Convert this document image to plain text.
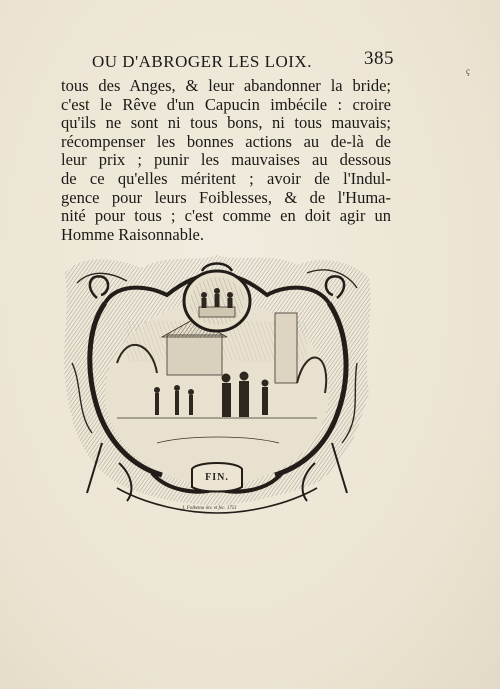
OU D'ABROGER LES LOIX.	385
ç
tous des Anges, & leur abandonner la bride;
c'est le Rêve d'un Capucin imbécile : croire
qu'ils ne sont ni tous bons, ni tous mauvais;
récompenser les bonnes actions au de-là de
leur prix ; punir les mauvaises au dessous
de ce qu'elles méritent ; avoir de l'Indul-
gence pour leurs Foiblesses, & de l'Huma-
nité pour tous ; c'est comme en doit agir un
Homme Raisonnable.
FIN.
J. Folkema inv. et fec. 1751
